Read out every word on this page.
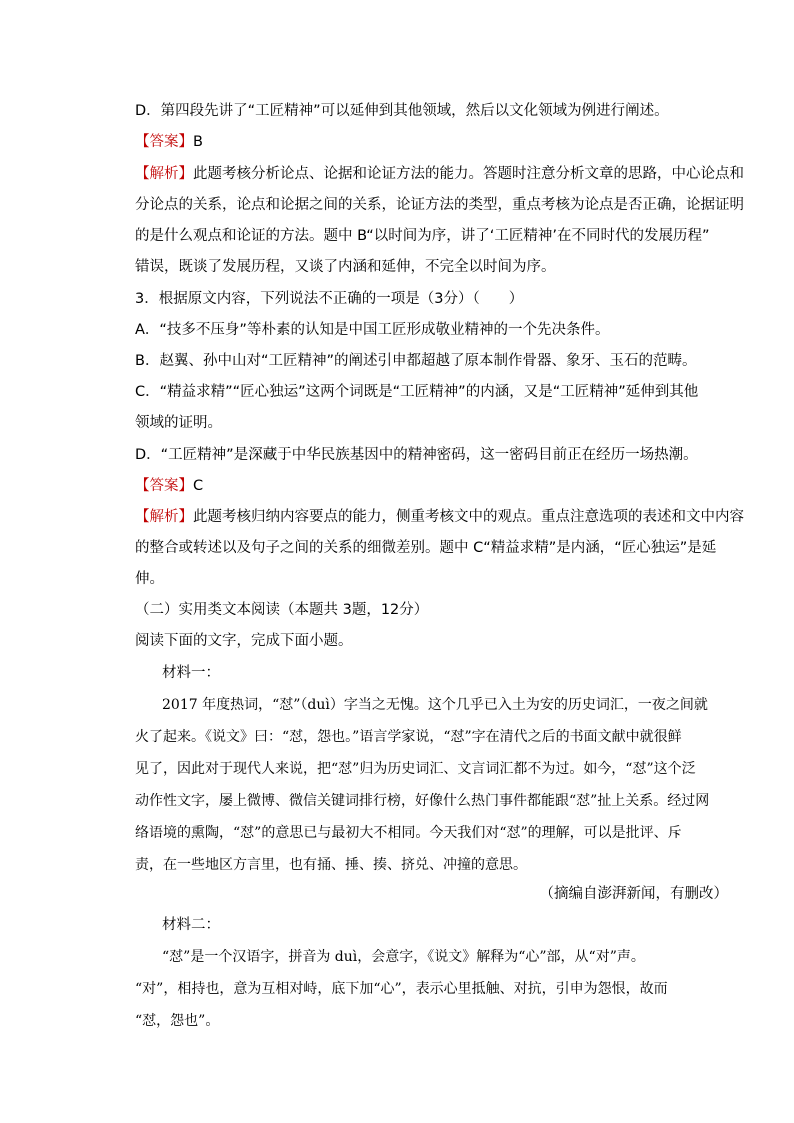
D．第四段先讲了“工匠精神”可以延伸到其他领域，然后以文化领域为例进行阐述。
【答案】B
【解析】此题考核分析论点、论据和论证方法的能力。答题时注意分析文章的思路，中心论点和
分论点的关系，论点和论据之间的关系，论证方法的类型，重点考核为论点是否正确，论据证明
的是什么观点和论证的方法。题中 B“以时间为序，讲了‘工匠精神’在不同时代的发展历程”
错误，既谈了发展历程，又谈了内涵和延伸，不完全以时间为序。
3．根据原文内容，下列说法不正确的一项是（3分）（　　）
A．“技多不压身”等朴素的认知是中国工匠形成敬业精神的一个先决条件。
B．赵翼、孙中山对“工匠精神”的阐述引申都超越了原本制作骨器、象牙、玉石的范畴。
C．“精益求精”“匠心独运”这两个词既是“工匠精神”的内涵，又是“工匠精神”延伸到其他
领域的证明。
D．“工匠精神”是深藏于中华民族基因中的精神密码，这一密码目前正在经历一场热潮。
【答案】C
【解析】此题考核归纳内容要点的能力，侧重考核文中的观点。重点注意选项的表述和文中内容
的整合或转述以及句子之间的关系的细微差别。题中 C“精益求精”是内涵，“匠心独运”是延
伸。
（二）实用类文本阅读（本题共 3题，12分）
阅读下面的文字，完成下面小题。
材料一：
2017 年度热词，“怼”（duì）字当之无愧。这个几乎已入土为安的历史词汇，一夜之间就
火了起来。《说文》曰：“怼，怨也。”语言学家说，“怼”字在清代之后的书面文献中就很鲜
见了，因此对于现代人来说，把“怼”归为历史词汇、文言词汇都不为过。如今，“怼”这个泛
动作性文字，屡上微博、微信关键词排行榜，好像什么热门事件都能跟“怼”扯上关系。经过网
络语境的熏陶，“怼”的意思已与最初大不相同。今天我们对“怼”的理解，可以是批评、斥
责，在一些地区方言里，也有捅、捶、揍、挤兑、冲撞的意思。
（摘编自澎湃新闻，有删改）
材料二：
“怼”是一个汉语字，拼音为 duì，会意字，《说文》解释为“心”部，从“对”声。
“对”，相持也，意为互相对峙，底下加“心”，表示心里抵触、对抗，引申为怨恨，故而
“怼，怨也”。
